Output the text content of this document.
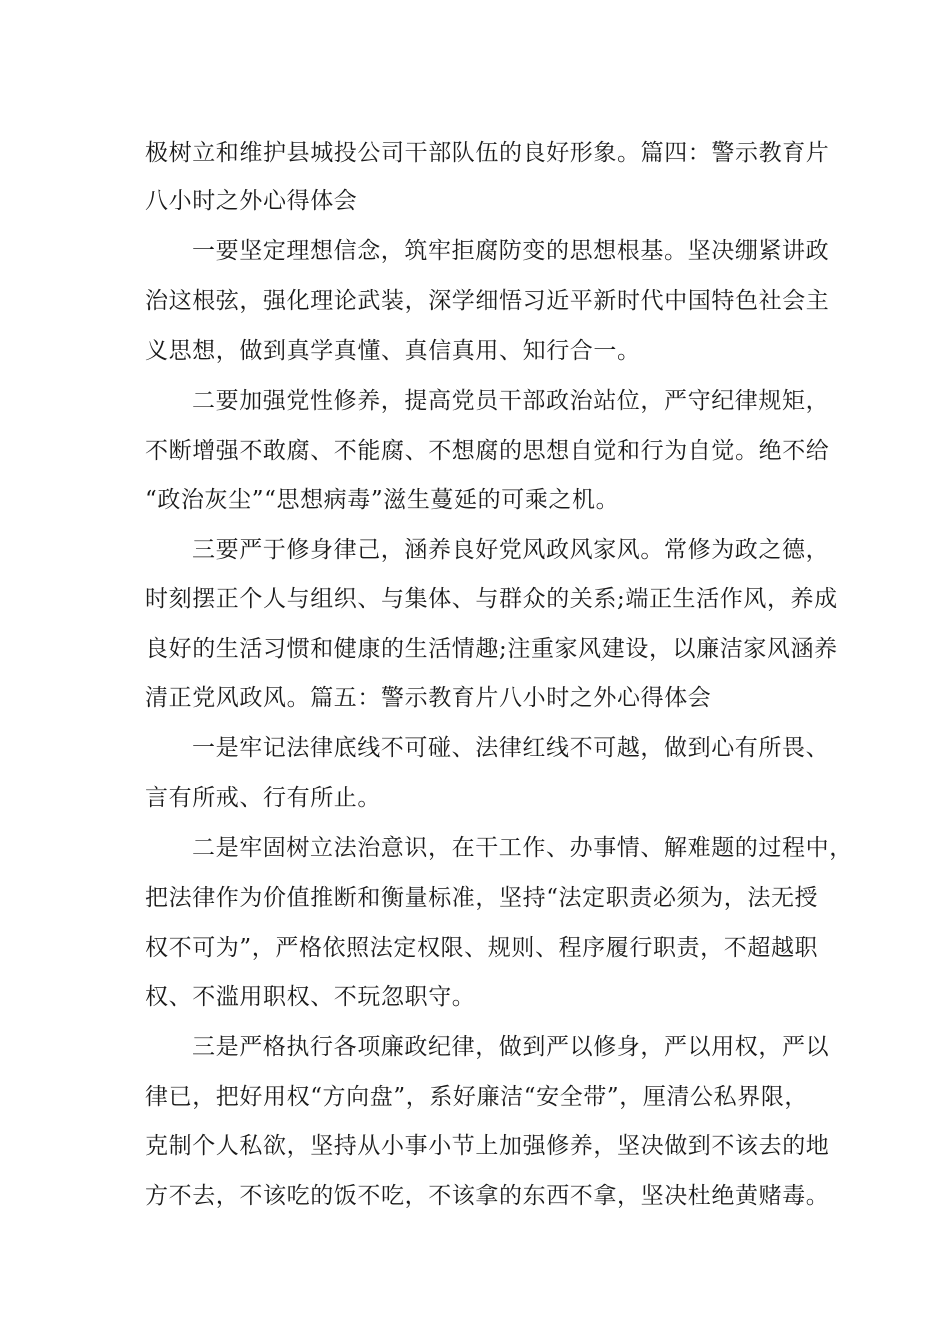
极树立和维护县城投公司干部队伍的良好形象。篇四：警示教育片
八小时之外心得体会
一要坚定理想信念，筑牢拒腐防变的思想根基。坚决绷紧讲政
治这根弦，强化理论武装，深学细悟习近平新时代中国特色社会主
义思想，做到真学真懂、真信真用、知行合一。
二要加强党性修养，提高党员干部政治站位，严守纪律规矩，
不断增强不敢腐、不能腐、不想腐的思想自觉和行为自觉。绝不给
“政治灰尘”“思想病毒”滋生蔓延的可乘之机。
三要严于修身律己，涵养良好党风政风家风。常修为政之德，
时刻摆正个人与组织、与集体、与群众的关系;端正生活作风，养成
良好的生活习惯和健康的生活情趣;注重家风建设，以廉洁家风涵养
清正党风政风。篇五：警示教育片八小时之外心得体会
一是牢记法律底线不可碰、法律红线不可越，做到心有所畏、
言有所戒、行有所止。
二是牢固树立法治意识，在干工作、办事情、解难题的过程中，
把法律作为价值推断和衡量标准，坚持“法定职责必须为，法无授
权不可为”，严格依照法定权限、规则、程序履行职责，不超越职
权、不滥用职权、不玩忽职守。
三是严格执行各项廉政纪律，做到严以修身，严以用权，严以
律已，把好用权“方向盘”，系好廉洁“安全带”，厘清公私界限，
克制个人私欲，坚持从小事小节上加强修养，坚决做到不该去的地
方不去，不该吃的饭不吃，不该拿的东西不拿，坚决杜绝黄赌毒。
